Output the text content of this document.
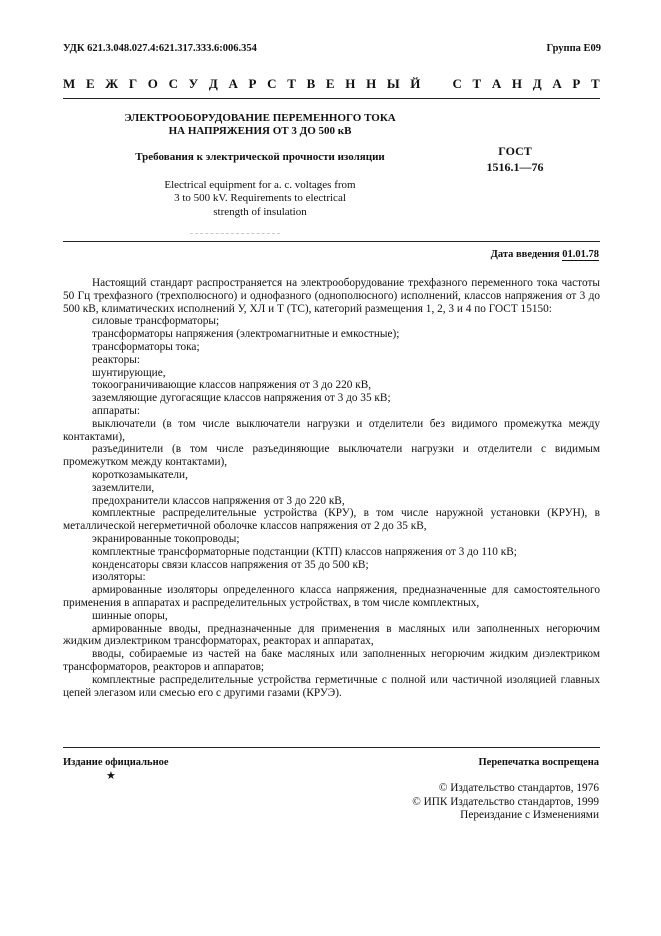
УДК 621.3.048.027.4:621.317.333.6:006.354	Группа Е09
М Е Ж Г О С У Д А Р С Т В Е Н Н Ы Й С Т А Н Д А Р Т
ЭЛЕКТРООБОРУДОВАНИЕ ПЕРЕМЕННОГО ТОКА
НА НАПРЯЖЕНИЯ ОТ 3 ДО 500 кВ
Требования к электрической прочности изоляции	ГОСТ
1516.1—76
Electrical equipment for a. c. voltages from
3 to 500 kV. Requirements to electrical
strength of insulation
Дата введения 01.01.78

Настоящий стандарт распространяется на электрооборудование трехфазного переменного тока частоты 50 Гц трехфазного (трехполюсного) и однофазного (однополюсного) исполнений, классов напряжения от 3 до 500 кВ, климатических исполнений У, ХЛ и Т (ТС), категорий размещения 1, 2, 3 и 4 по ГОСТ 15150:

силовые трансформаторы;

трансформаторы напряжения (электромагнитные и емкостные);

трансформаторы тока;

реакторы:

шунтирующие,

токоограничивающие классов напряжения от 3 до 220 кВ,

заземляющие дугогасящие классов напряжения от 3 до 35 кВ;

аппараты:

выключатели (в том числе выключатели нагрузки и отделители без видимого промежутка между контактами),

разъединители (в том числе разъединяющие выключатели нагрузки и отделители с видимым промежутком между контактами),

короткозамыкатели,

заземлители,

предохранители классов напряжения от 3 до 220 кВ,

комплектные распределительные устройства (КРУ), в том числе наружной установки (КРУН), в металлической негерметичной оболочке классов напряжения от 2 до 35 кВ,

экранированные токопроводы;

комплектные трансформаторные подстанции (КТП) классов напряжения от 3 до 110 кВ;

конденсаторы связи классов напряжения от 35 до 500 кВ;

изоляторы:

армированные изоляторы определенного класса напряжения, предназначенные для самостоятельного применения в аппаратах и распределительных устройствах, в том числе комплектных,

шинные опоры,

армированные вводы, предназначенные для применения в масляных или заполненных негорючим жидким диэлектриком трансформаторах, реакторах и аппаратах,

вводы, собираемые из частей на баке масляных или заполненных негорючим жидким диэлектриком трансформаторов, реакторов и аппаратов;

комплектные распределительные устройства герметичные с полной или частичной изоляцией главных цепей элегазом или смесью его с другими газами (КРУЭ).

Издание официальное
★
Перепечатка воспрещена
© Издательство стандартов, 1976
© ИПК Издательство стандартов, 1999
Переиздание с Изменениями
